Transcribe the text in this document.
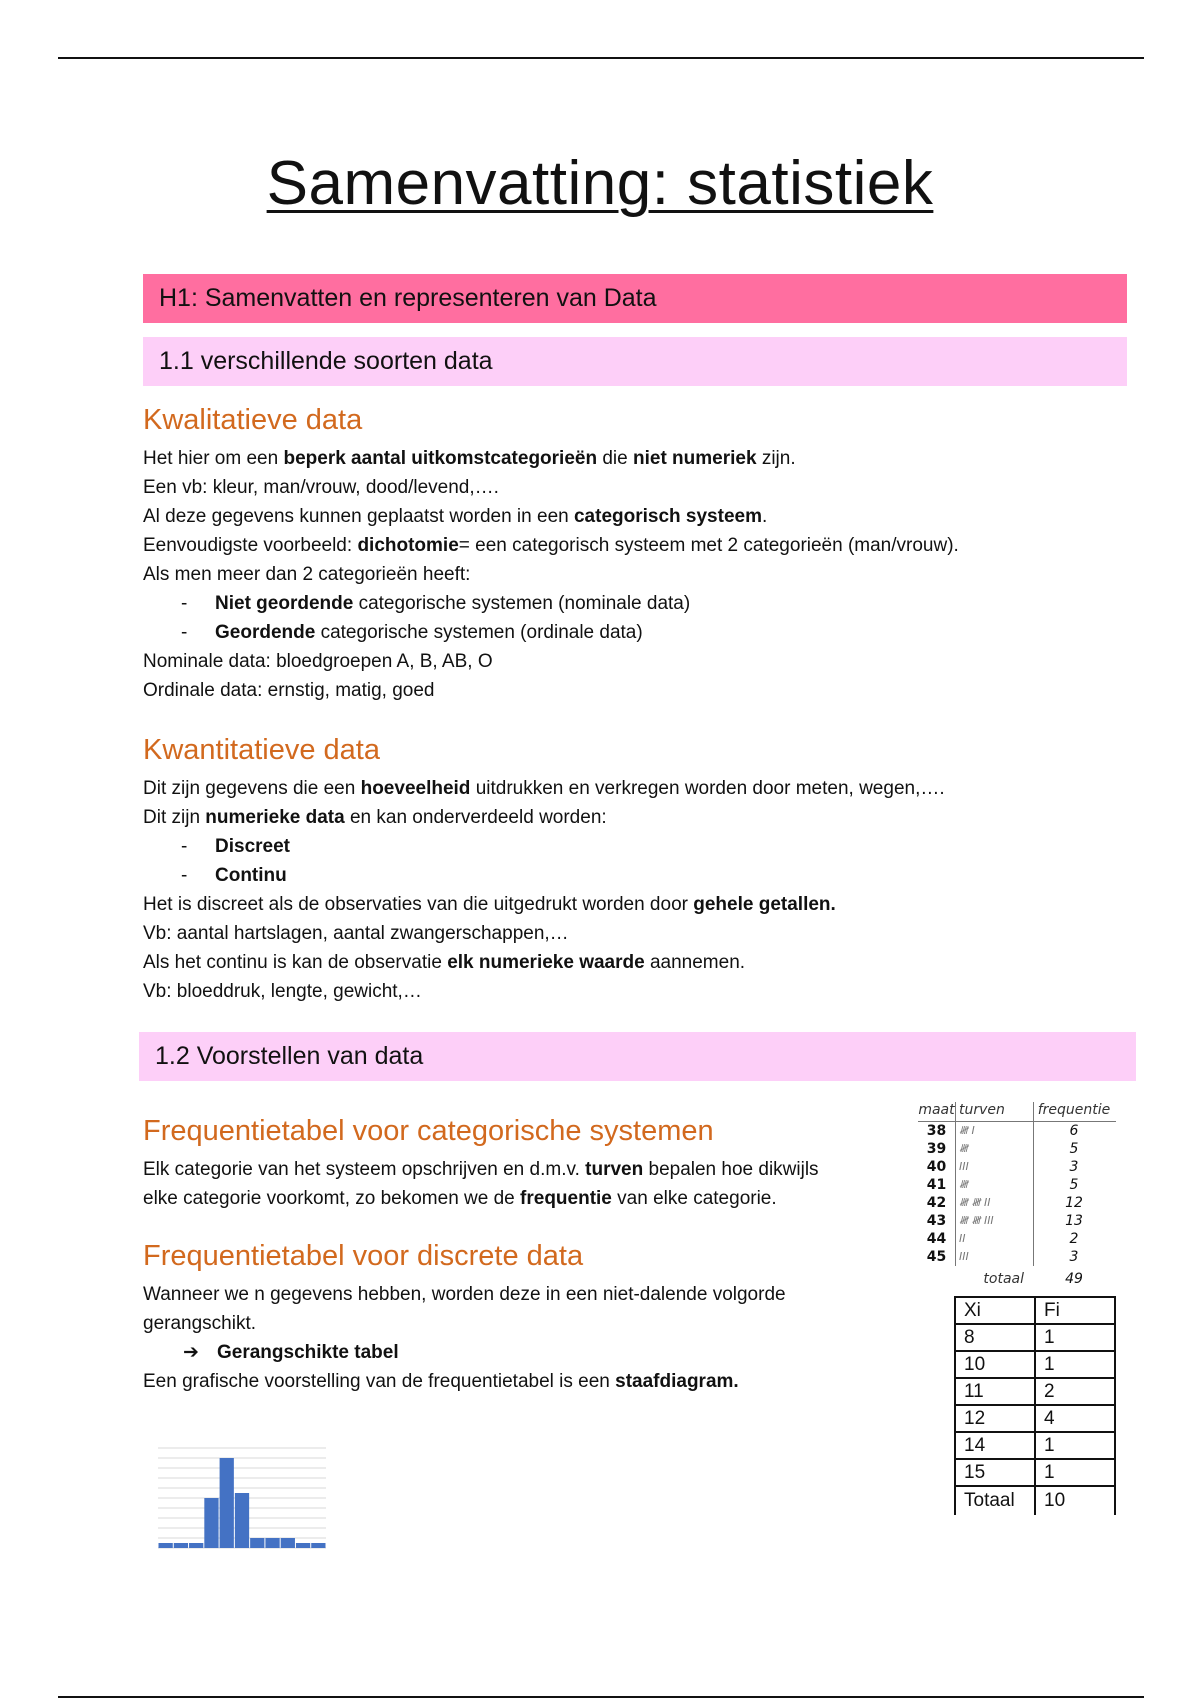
Samenvatting: statistiek
H1: Samenvatten en representeren van Data
1.1 verschillende soorten data
Kwalitatieve data
Het hier om een beperk aantal uitkomstcategorieën die niet numeriek zijn.
Een vb: kleur, man/vrouw, dood/levend,….
Al deze gegevens kunnen geplaatst worden in een categorisch systeem.
Eenvoudigste voorbeeld: dichotomie= een categorisch systeem met 2 categorieën (man/vrouw).
Als men meer dan 2 categorieën heeft:
- Niet geordende categorische systemen (nominale data)
- Geordende categorische systemen (ordinale data)
Nominale data: bloedgroepen A, B, AB, O
Ordinale data: ernstig, matig, goed
Kwantitatieve data
Dit zijn gegevens die een hoeveelheid uitdrukken en verkregen worden door meten, wegen,….
Dit zijn numerieke data en kan onderverdeeld worden:
- Discreet
- Continu
Het is discreet als de observaties van die uitgedrukt worden door gehele getallen.
Vb: aantal hartslagen, aantal zwangerschappen,…
Als het continu is kan de observatie elk numerieke waarde aannemen.
Vb: bloeddruk, lengte, gewicht,…
1.2 Voorstellen van data
Frequentietabel voor categorische systemen
Elk categorie van het systeem opschrijven en d.m.v. turven bepalen hoe dikwijls
elke categorie voorkomt, zo bekomen we de frequentie van elke categorie.
Frequentietabel voor discrete data
Wanneer we n gegevens hebben, worden deze in een niet-dalende volgorde
gerangschikt.
➔ Gerangschikte tabel
Een grafische voorstelling van de frequentietabel is een staafdiagram.
maat turven	frequentie
38	𝍸 I	6
39	𝍸	5
40	III	3
41	𝍸	5
42	𝍸 𝍸 II	12
43	𝍸 𝍸 III	13
44	II	2
45	III	3
totaal	49
Xi	Fi
8	1
10	1
11	2
12	4
14	1
15	1
Totaal	10
